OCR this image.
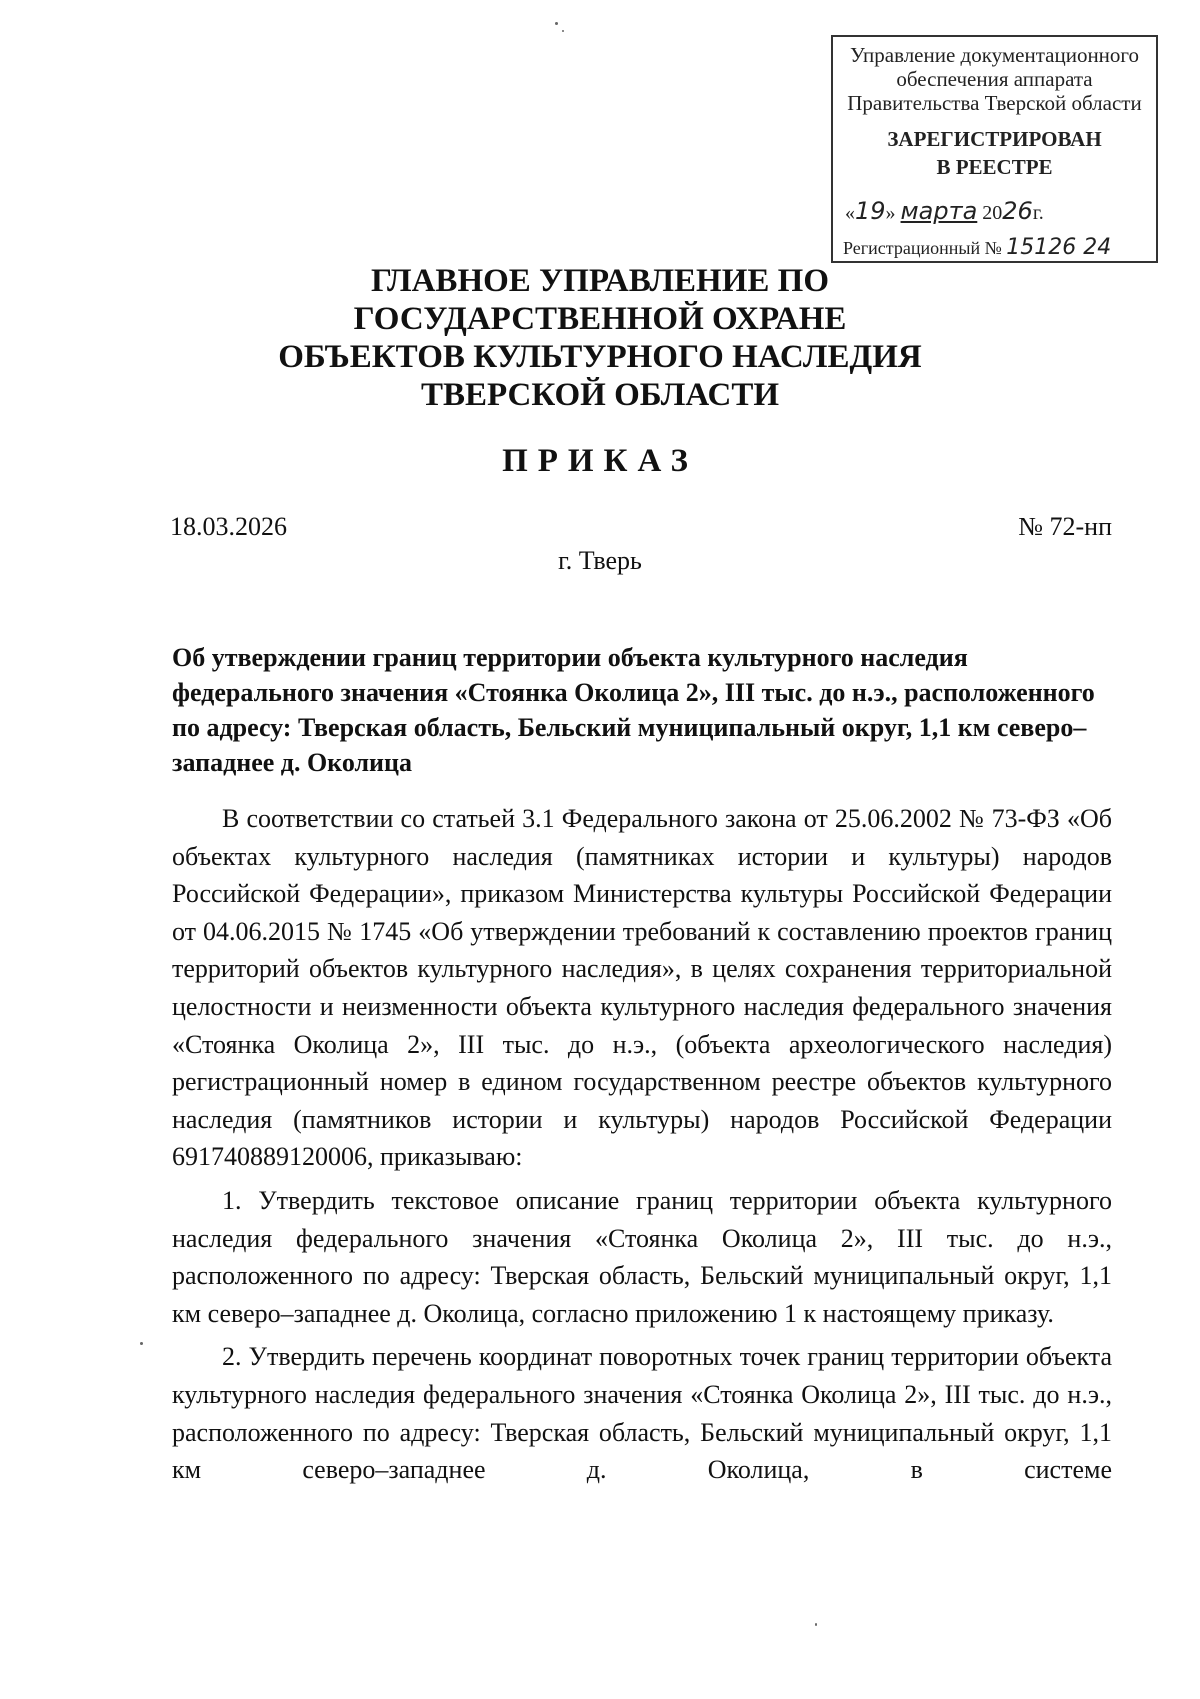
Управление документационного
обеспечения аппарата
Правительства Тверской области
ЗАРЕГИСТРИРОВАН
В РЕЕСТРЕ
«19» марта 2026г.
Регистрационный № 15126 24
ГЛАВНОЕ УПРАВЛЕНИЕ ПО
ГОСУДАРСТВЕННОЙ ОХРАНЕ
ОБЪЕКТОВ КУЛЬТУРНОГО НАСЛЕДИЯ
ТВЕРСКОЙ ОБЛАСТИ
ПРИКАЗ
18.03.2026	№ 72-нп
г. Тверь
Об утверждении границ территории объекта культурного наследия федерального значения «Стоянка Околица 2», III тыс. до н.э., расположенного по адресу: Тверская область, Бельский муниципальный округ, 1,1 км северо–западнее д. Околица

В соответствии со статьей 3.1 Федерального закона от 25.06.2002 № 73-ФЗ «Об объектах культурного наследия (памятниках истории и культуры) народов Российской Федерации», приказом Министерства культуры Российской Федерации от 04.06.2015 № 1745 «Об утверждении требований к составлению проектов границ территорий объектов культурного наследия», в целях сохранения территориальной целостности и неизменности объекта культурного наследия федерального значения «Стоянка Околица 2», III тыс. до н.э., (объекта археологического наследия) регистрационный номер в едином государственном реестре объектов культурного наследия (памятников истории и культуры) народов Российской Федерации 691740889120006, приказываю:

1. Утвердить текстовое описание границ территории объекта культурного наследия федерального значения «Стоянка Околица 2», III тыс. до н.э., расположенного по адресу: Тверская область, Бельский муниципальный округ, 1,1 км северо–западнее д. Околица, согласно приложению 1 к настоящему приказу.

2. Утвердить перечень координат поворотных точек границ территории объекта культурного наследия федерального значения «Стоянка Околица 2», III тыс. до н.э., расположенного по адресу: Тверская область, Бельский муниципальный округ, 1,1 км северо–западнее д. Околица, в системе
